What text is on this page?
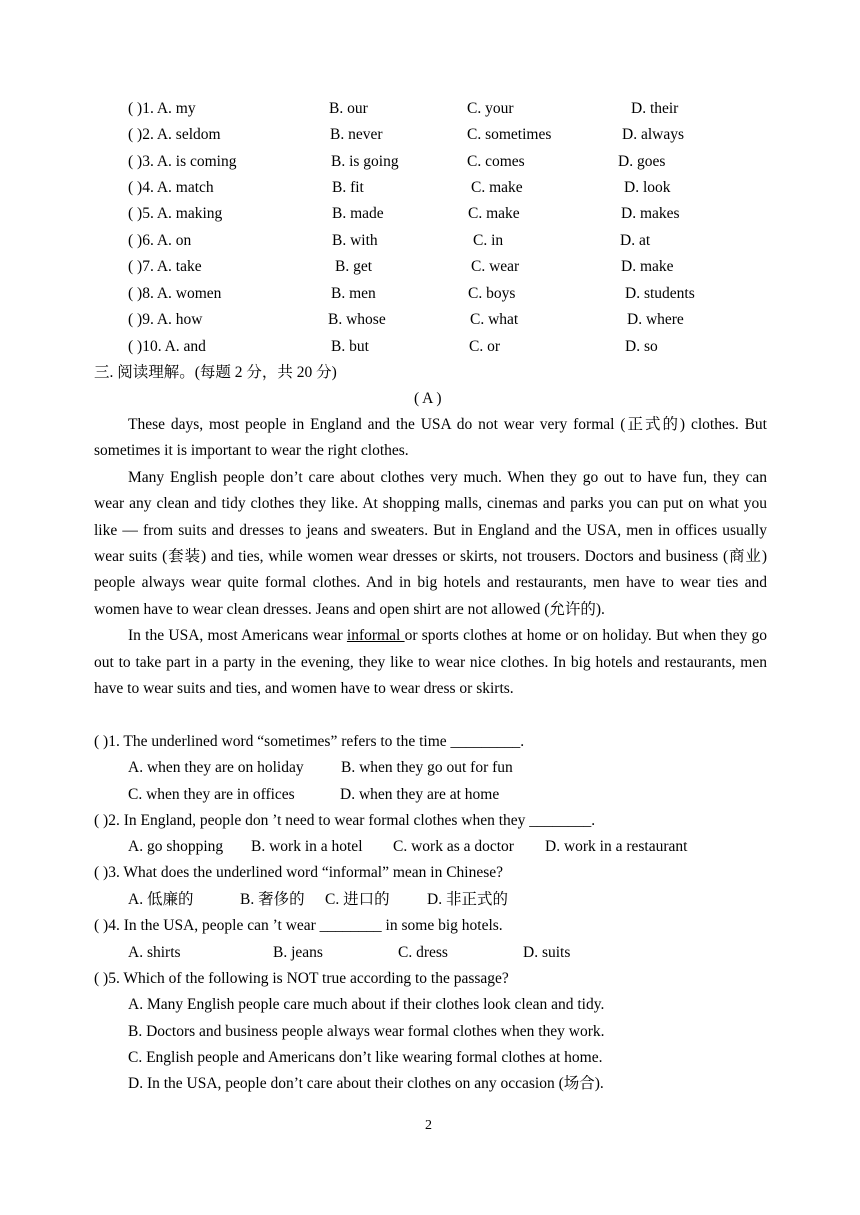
( )1. A. my	B. our	C. your	D. their
( )2. A. seldom	B. never	C. sometimes	D. always
( )3. A. is coming	B. is going	C. comes	D. goes
( )4. A. match	B. fit	C. make	D. look
( )5. A. making	B. made	C. make	D. makes
( )6. A. on	B. with	C. in	D. at
( )7. A. take	B. get	C. wear	D. make
( )8. A. women	B. men	C. boys	D. students
( )9. A. how	B. whose	C. what	D. where
( )10. A. and	B. but	C. or	D. so
三. 阅读理解。(每题 2 分，共 20 分)
( A )

These days, most people in England and the USA do not wear very formal (正式的) clothes. But sometimes it is important to wear the right clothes.

Many English people don’t care about clothes very much. When they go out to have fun, they can wear any clean and tidy clothes they like. At shopping malls, cinemas and parks you can put on what you like — from suits and dresses to jeans and sweaters. But in England and the USA, men in offices usually wear suits (套装) and ties, while women wear dresses or skirts, not trousers. Doctors and business (商业) people always wear quite formal clothes. And in big hotels and restaurants, men have to wear ties and women have to wear clean dresses. Jeans and open shirt are not allowed (允许的).

In the USA, most Americans wear informal or sports clothes at home or on holiday. But when they go out to take part in a party in the evening, they like to wear nice clothes. In big hotels and restaurants, men have to wear suits and ties, and women have to wear dress or skirts.

( )1. The underlined word “sometimes” refers to the time _________.
A. when they are on holiday B. when they go out for fun
C. when they are in offices	D. when they are at home
( )2. In England, people don ’t need to wear formal clothes when they ________.
A. go shopping B. work in a hotel C. work as a doctor D. work in a restaurant
( )3. What does the underlined word “informal” mean in Chinese?
A. 低廉的	B. 奢侈的 C. 进口的 D. 非正式的
( )4. In the USA, people can ’t wear ________ in some big hotels.
A. shirts	B. jeans	C. dress	D. suits
( )5. Which of the following is NOT true according to the passage?
A. Many English people care much about if their clothes look clean and tidy.
B. Doctors and business people always wear formal clothes when they work.
C. English people and Americans don’t like wearing formal clothes at home.
D. In the USA, people don’t care about their clothes on any occasion (场合).
2
